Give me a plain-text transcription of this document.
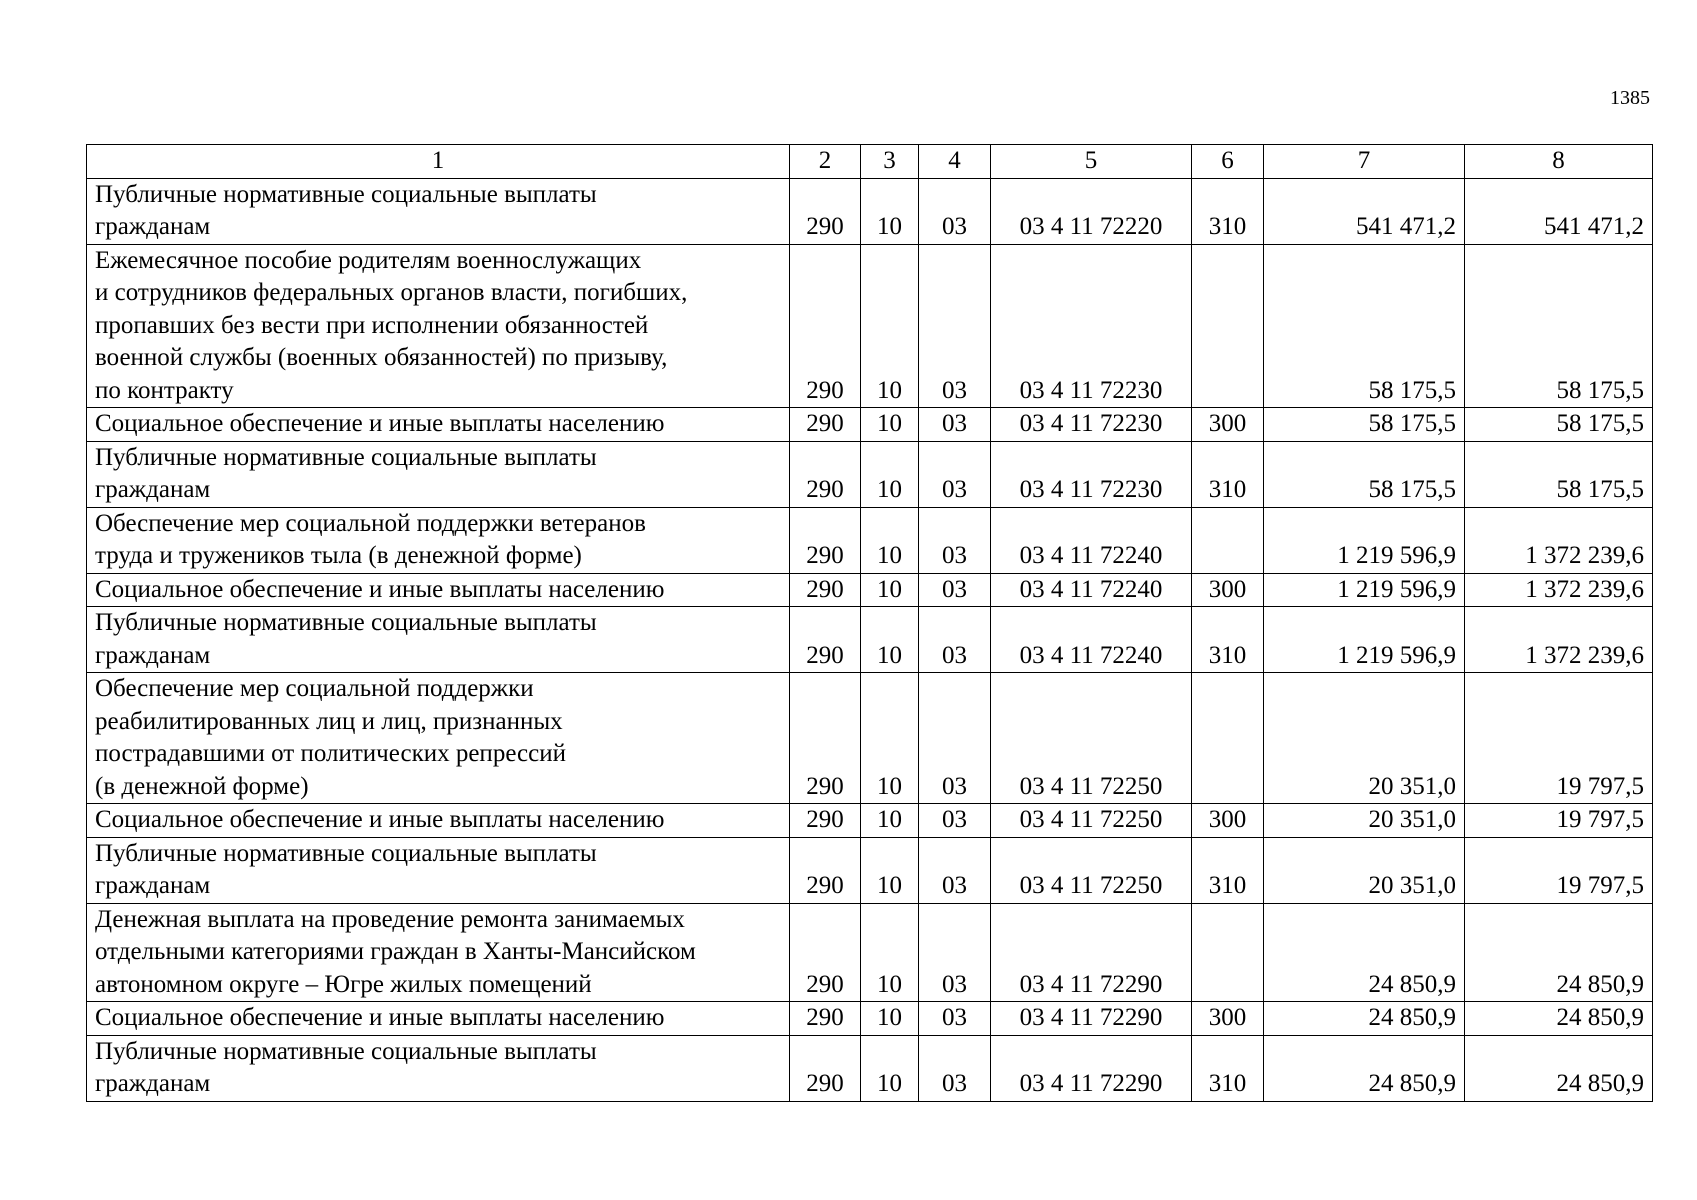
1385
1	2	3	4	5	6	7	8

Публичные нормативные социальные выплаты
гражданам	290	10	03	03 4 11 72220	310	541 471,2	541 471,2

Ежемесячное пособие родителям военнослужащих
и сотрудников федеральных органов власти, погибших,
пропавших без вести при исполнении обязанностей
военной службы (военных обязанностей) по призыву,
по контракту	290	10	03	03 4 11 72230		58 175,5	58 175,5

Социальное обеспечение и иные выплаты населению	290	10	03	03 4 11 72230	300	58 175,5	58 175,5

Публичные нормативные социальные выплаты
гражданам	290	10	03	03 4 11 72230	310	58 175,5	58 175,5

Обеспечение мер социальной поддержки ветеранов
труда и тружеников тыла (в денежной форме)	290	10	03	03 4 11 72240		1 219 596,9	1 372 239,6

Социальное обеспечение и иные выплаты населению	290	10	03	03 4 11 72240	300	1 219 596,9	1 372 239,6

Публичные нормативные социальные выплаты
гражданам	290	10	03	03 4 11 72240	310	1 219 596,9	1 372 239,6

Обеспечение мер социальной поддержки
реабилитированных лиц и лиц, признанных
пострадавшими от политических репрессий
(в денежной форме)	290	10	03	03 4 11 72250		20 351,0	19 797,5

Социальное обеспечение и иные выплаты населению	290	10	03	03 4 11 72250	300	20 351,0	19 797,5

Публичные нормативные социальные выплаты
гражданам	290	10	03	03 4 11 72250	310	20 351,0	19 797,5

Денежная выплата на проведение ремонта занимаемых
отдельными категориями граждан в Ханты-Мансийском
автономном округе – Югре жилых помещений	290	10	03	03 4 11 72290		24 850,9	24 850,9

Социальное обеспечение и иные выплаты населению	290	10	03	03 4 11 72290	300	24 850,9	24 850,9

Публичные нормативные социальные выплаты
гражданам	290	10	03	03 4 11 72290	310	24 850,9	24 850,9
